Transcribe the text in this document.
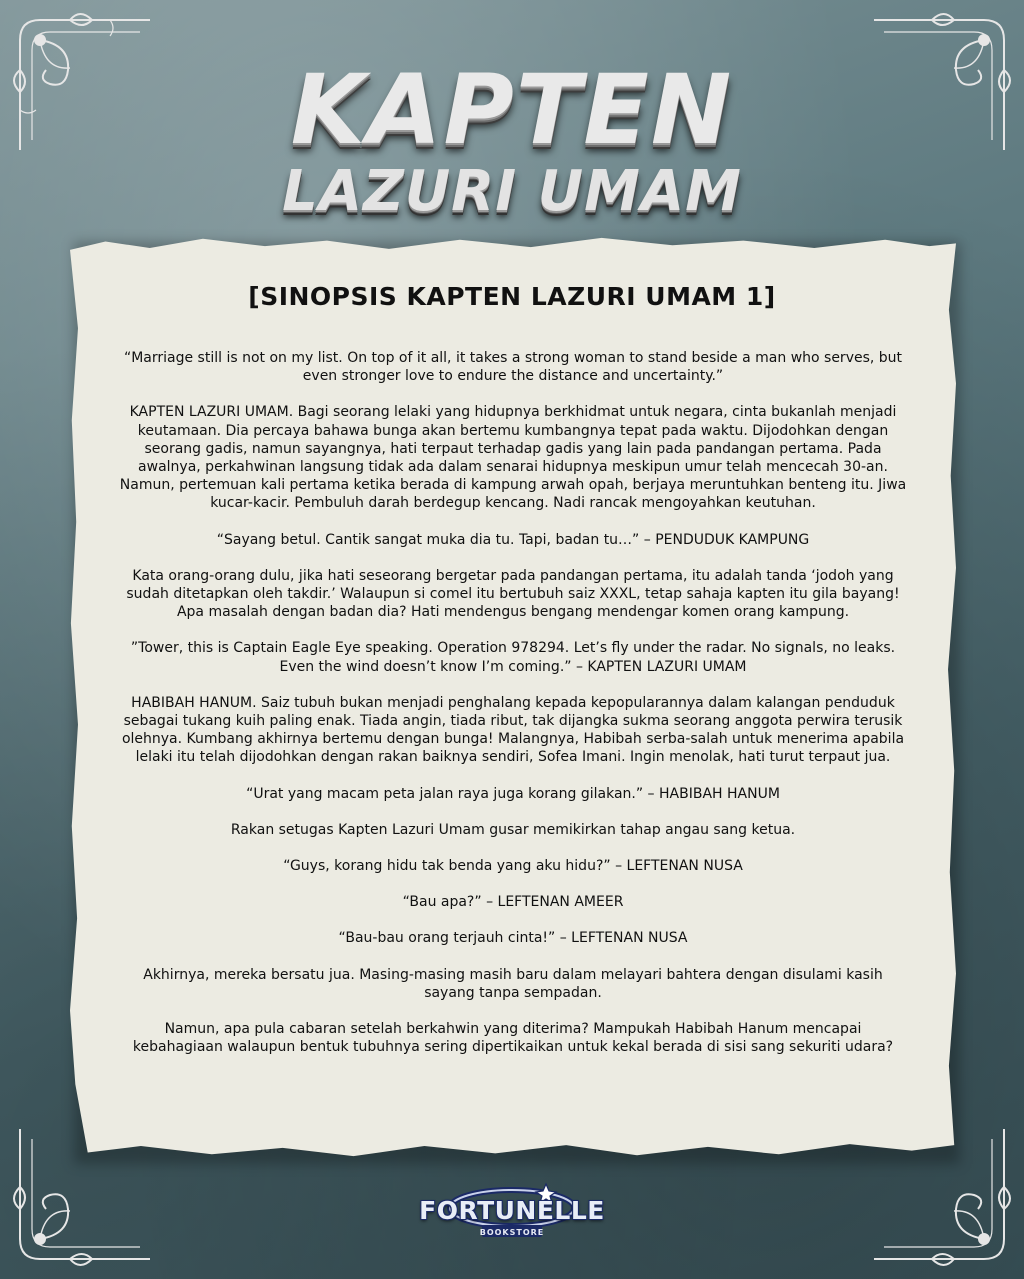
KAPTEN
LAZURI UMAM
[SINOPSIS KAPTEN LAZURI UMAM 1]

“Marriage still is not on my list. On top of it all, it takes a strong woman to stand beside a man who serves, but even stronger love to endure the distance and uncertainty.”

KAPTEN LAZURI UMAM. Bagi seorang lelaki yang hidupnya berkhidmat untuk negara, cinta bukanlah menjadi keutamaan. Dia percaya bahawa bunga akan bertemu kumbangnya tepat pada waktu. Dijodohkan dengan seorang gadis, namun sayangnya, hati terpaut terhadap gadis yang lain pada pandangan pertama. Pada awalnya, perkahwinan langsung tidak ada dalam senarai hidupnya meskipun umur telah mencecah 30-an. Namun, pertemuan kali pertama ketika berada di kampung arwah opah, berjaya meruntuhkan benteng itu. Jiwa kucar-kacir. Pembuluh darah berdegup kencang. Nadi rancak mengoyahkan keutuhan.

“Sayang betul. Cantik sangat muka dia tu. Tapi, badan tu…” – PENDUDUK KAMPUNG

Kata orang-orang dulu, jika hati seseorang bergetar pada pandangan pertama, itu adalah tanda ‘jodoh yang sudah ditetapkan oleh takdir.’ Walaupun si comel itu bertubuh saiz XXXL, tetap sahaja kapten itu gila bayang! Apa masalah dengan badan dia? Hati mendengus bengang mendengar komen orang kampung.

”Tower, this is Captain Eagle Eye speaking. Operation 978294. Let’s fly under the radar. No signals, no leaks. Even the wind doesn’t know I’m coming.” – KAPTEN LAZURI UMAM

HABIBAH HANUM. Saiz tubuh bukan menjadi penghalang kepada kepopularannya dalam kalangan penduduk sebagai tukang kuih paling enak. Tiada angin, tiada ribut, tak dijangka sukma seorang anggota perwira terusik olehnya. Kumbang akhirnya bertemu dengan bunga! Malangnya, Habibah serba-salah untuk menerima apabila lelaki itu telah dijodohkan dengan rakan baiknya sendiri, Sofea Imani. Ingin menolak, hati turut terpaut jua.

“Urat yang macam peta jalan raya juga korang gilakan.” – HABIBAH HANUM

Rakan setugas Kapten Lazuri Umam gusar memikirkan tahap angau sang ketua.

“Guys, korang hidu tak benda yang aku hidu?” – LEFTENAN NUSA

“Bau apa?” – LEFTENAN AMEER

“Bau-bau orang terjauh cinta!” – LEFTENAN NUSA

Akhirnya, mereka bersatu jua. Masing-masing masih baru dalam melayari bahtera dengan disulami kasih sayang tanpa sempadan.

Namun, apa pula cabaran setelah berkahwin yang diterima? Mampukah Habibah Hanum mencapai kebahagiaan walaupun bentuk tubuhnya sering dipertikaikan untuk kekal berada di sisi sang sekuriti udara?

FORTUNELLE
BOOKSTORE
